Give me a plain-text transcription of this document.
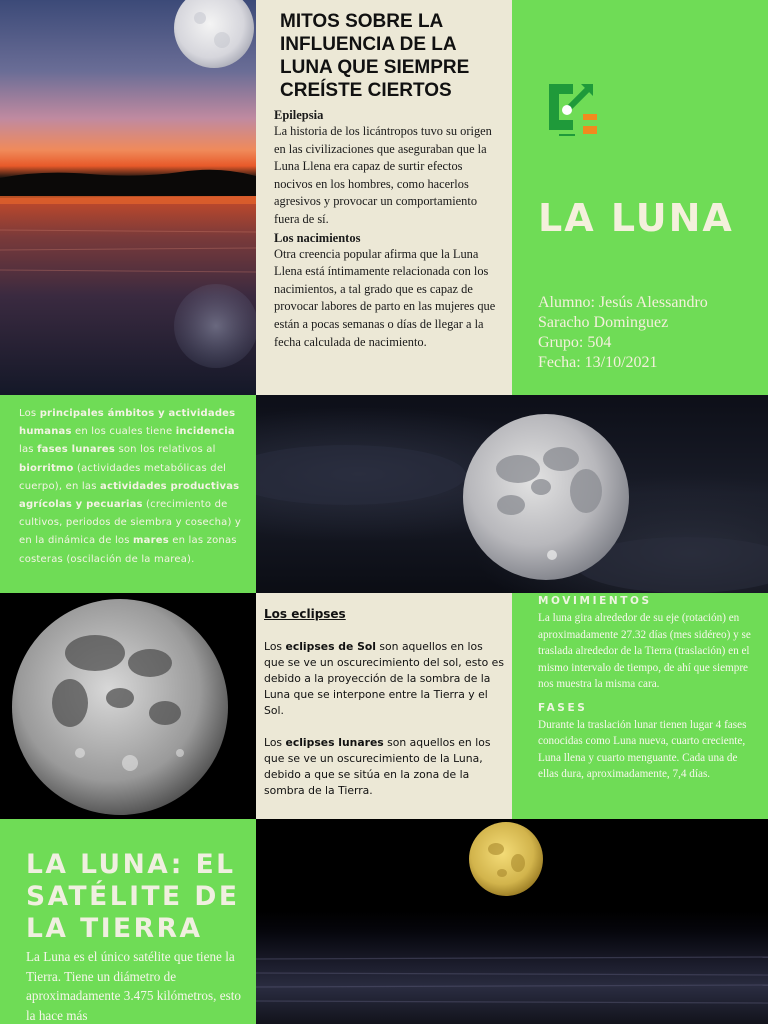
MITOS SOBRE LA INFLUENCIA DE LA LUNA QUE SIEMPRE CREÍSTE CIERTOS
Epilepsia
La historia de los licántropos tuvo su origen en las civilizaciones que aseguraban que la Luna Llena era capaz de surtir efectos nocivos en los hombres, como hacerlos agresivos y provocar un comportamiento fuera de sí.
Los nacimientos
Otra creencia popular afirma que la Luna Llena está íntimamente relacionada con los nacimientos, a tal grado que es capaz de provocar labores de parto en las mujeres que están a pocas semanas o días de llegar a la fecha calculada de nacimiento.
LA LUNA
Alumno: Jesús Alessandro Saracho Dominguez
Grupo: 504
Fecha: 13/10/2021
Los principales ámbitos y actividades humanas en los cuales tiene incidencia las fases lunares son los relativos al biorritmo (actividades metabólicas del cuerpo), en las actividades productivas agrícolas y pecuarias (crecimiento de cultivos, periodos de siembra y cosecha) y en la dinámica de los mares en las zonas costeras (oscilación de la marea).
Los eclipses

Los eclipses de Sol son aquellos en los que se ve un oscurecimiento del sol, esto es debido a la proyección de la sombra de la Luna que se interpone entre la Tierra y el Sol.

Los eclipses lunares son aquellos en los que se ve un oscurecimiento de la Luna, debido a que se sitúa en la zona de la sombra de la Tierra.

MOVIMIENTOS
La luna gira alrededor de su eje (rotación) en aproximadamente 27.32 días (mes sidéreo) y se traslada alrededor de la Tierra (traslación) en el mismo intervalo de tiempo, de ahí que siempre nos muestra la misma cara.
FASES
Durante la traslación lunar tienen lugar 4 fases conocidas como Luna nueva, cuarto creciente, Luna llena y cuarto menguante. Cada una de ellas dura, aproximadamente, 7,4 días.
LA LUNA: EL SATÉLITE DE LA TIERRA
La Luna es el único satélite que tiene la Tierra. Tiene un diámetro de aproximadamente 3.475 kilómetros, esto la hace más
